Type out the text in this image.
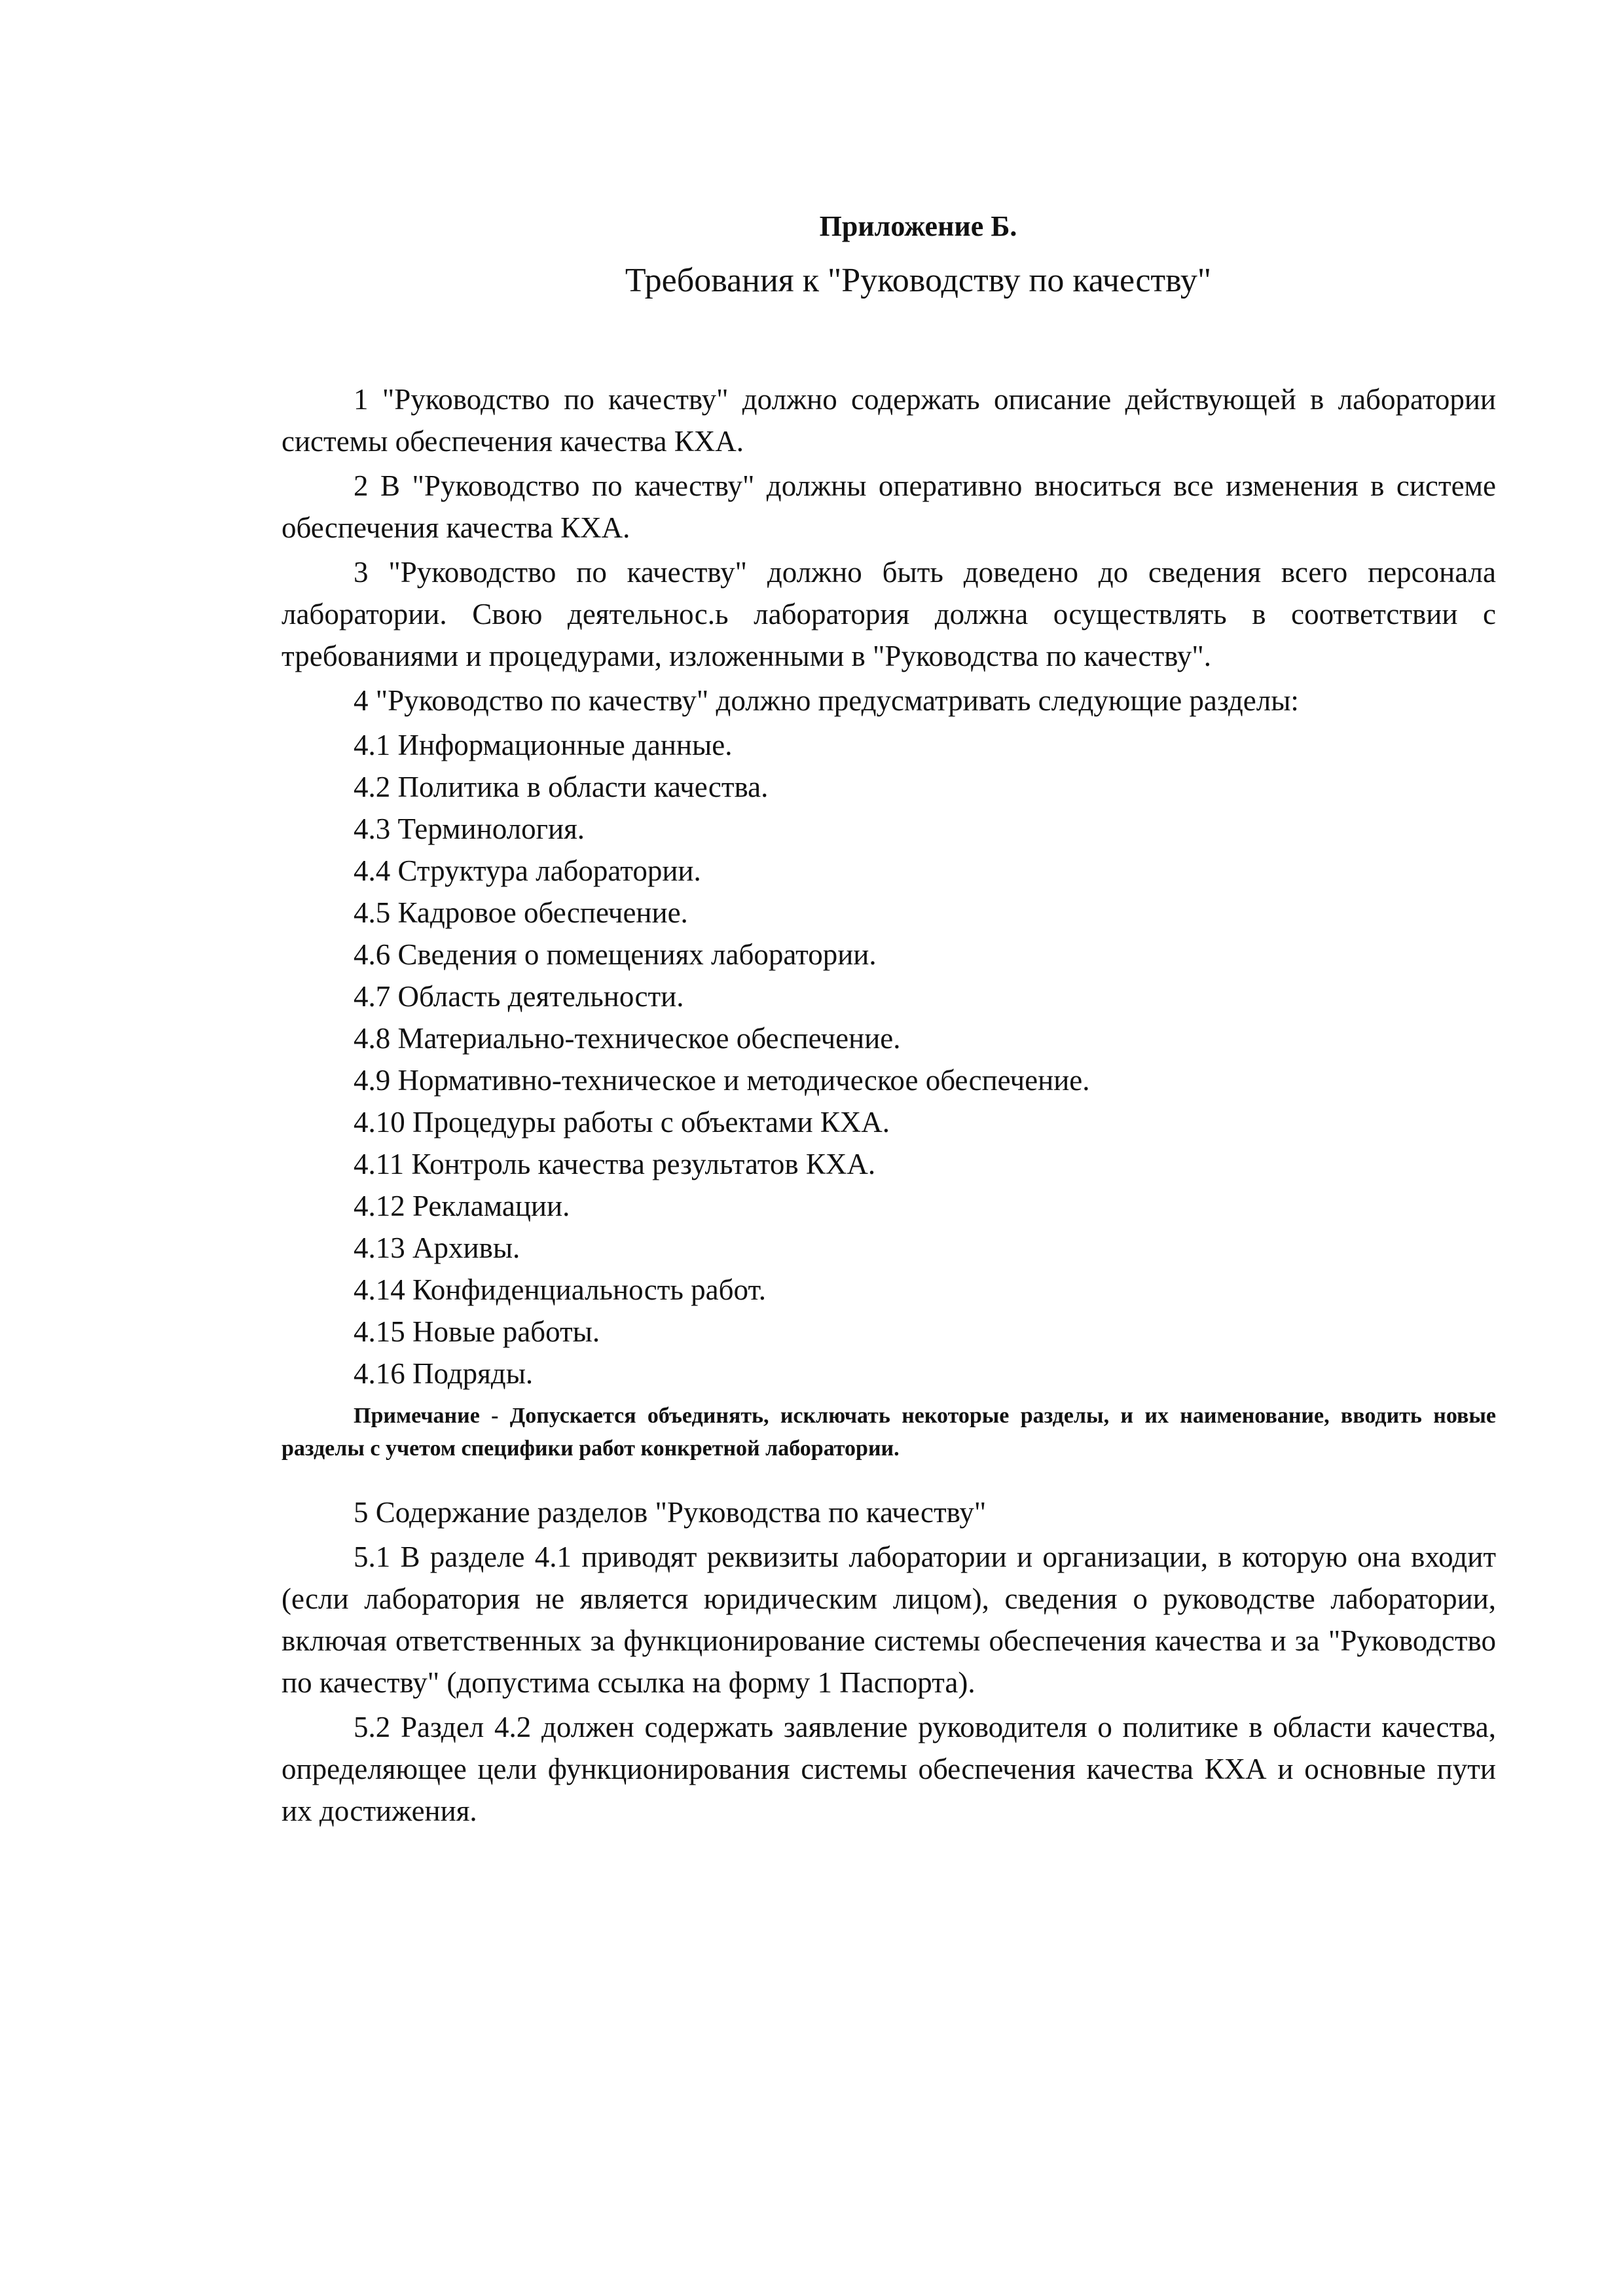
Приложение Б.
Требования к "Руководству по качеству"

1 "Руководство по качеству" должно содержать описание действующей в лаборатории системы обеспечения качества КХА.

2 В "Руководство по качеству" должны оперативно вноситься все изменения в системе обеспечения качества КХА.

3 "Руководство по качеству" должно быть доведено до сведения всего персонала лаборатории. Свою деятельнос.ь лаборатория должна осуществлять в соответствии с требованиями и процедурами, изложенными в "Руководства по качеству".

4 "Руководство по качеству" должно предусматривать следующие разделы:

4.1 Информационные данные.

4.2 Политика в области качества.

4.3 Терминология.

4.4 Структура лаборатории.

4.5 Кадровое обеспечение.

4.6 Сведения о помещениях лаборатории.

4.7 Область деятельности.

4.8 Материально-техническое обеспечение.

4.9 Нормативно-техническое и методическое обеспечение.

4.10 Процедуры работы с объектами КХА.

4.11 Контроль качества результатов КХА.

4.12 Рекламации.

4.13 Архивы.

4.14 Конфиденциальность работ.

4.15 Новые работы.

4.16 Подряды.

Примечание - Допускается объединять, исключать некоторые разделы, и их наименование, вводить новые разделы с учетом специфики работ конкретной лаборатории.

5 Содержание разделов "Руководства по качеству"

5.1 В разделе 4.1 приводят реквизиты лаборатории и организации, в которую она входит (если лаборатория не является юридическим лицом), сведения о руководстве лаборатории, включая ответственных за функционирование системы обеспечения качества и за "Руководство по качеству" (допустима ссылка на форму 1 Паспорта).

5.2 Раздел 4.2 должен содержать заявление руководителя о политике в области качества, определяющее цели функционирования системы обеспечения качества КХА и основные пути их достижения.
